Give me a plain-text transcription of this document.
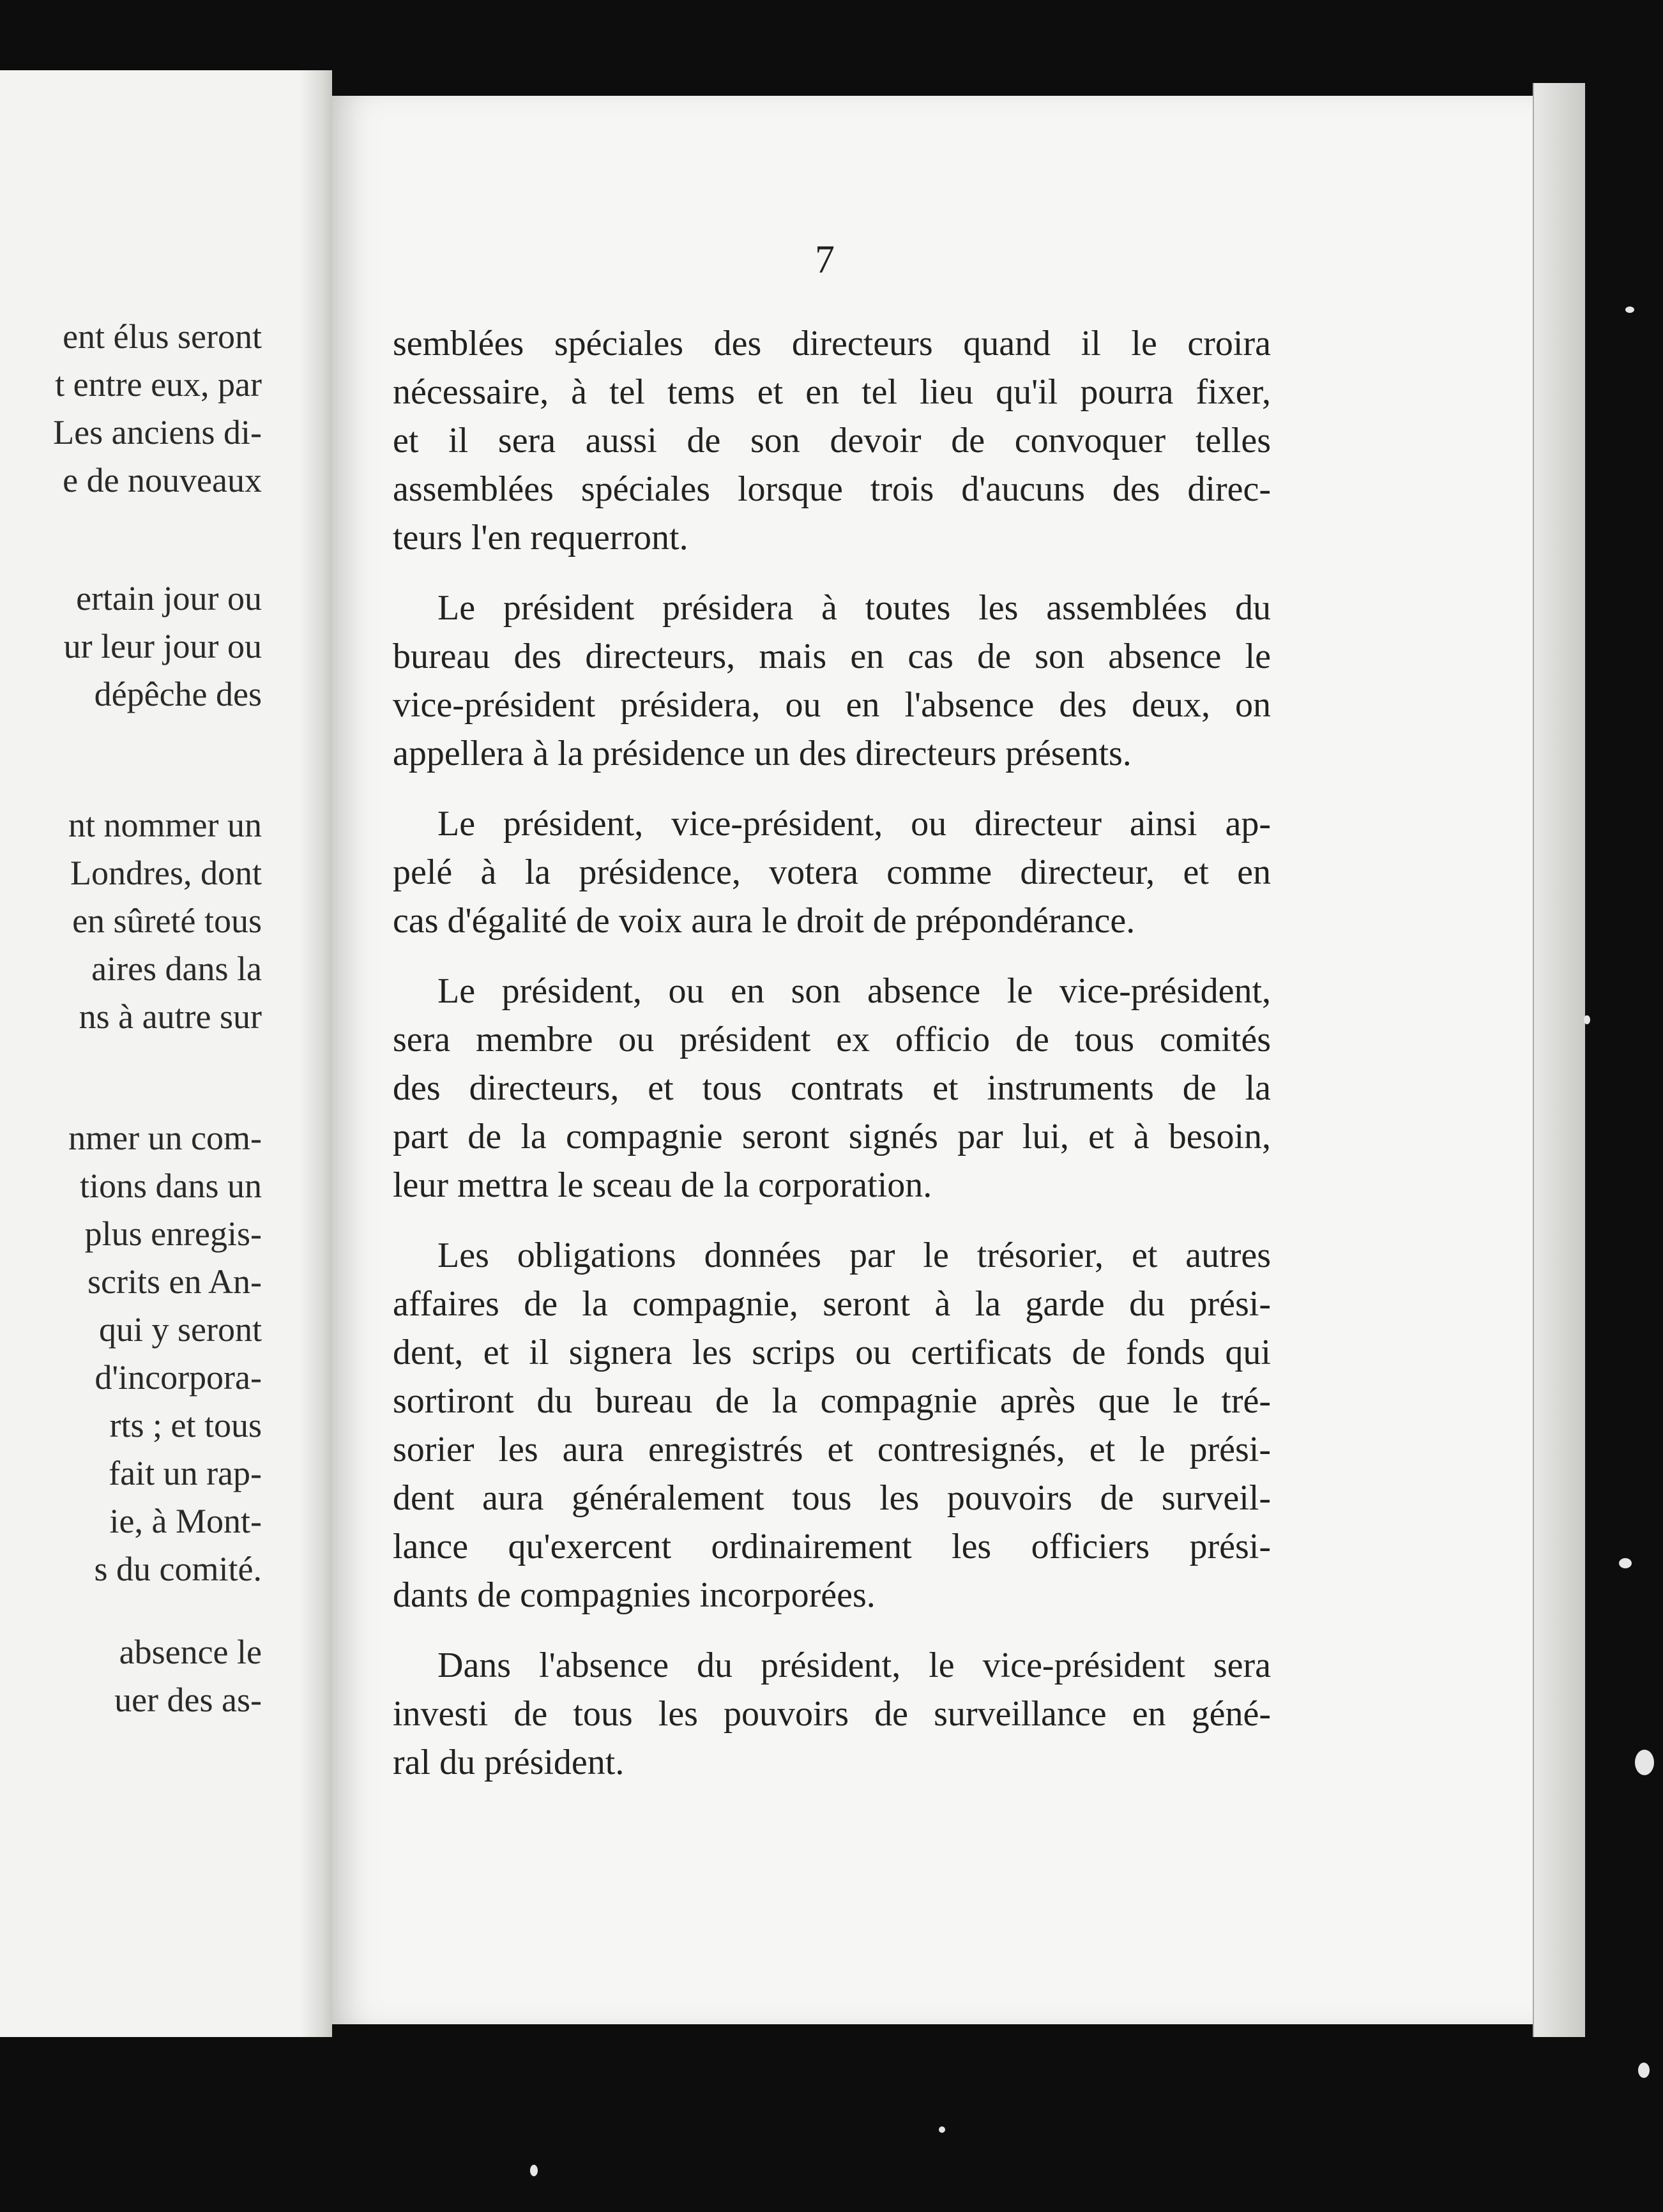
ent élus seront
t entre eux, par
Les anciens di-
e de nouveaux
ertain jour ou
ur leur jour ou
dépêche des
nt nommer un
Londres, dont
en sûreté tous
aires dans la
ns à autre sur
nmer un com-
tions dans un
plus enregis-
scrits en An-
qui y seront
d'incorpora-
rts ; et tous
fait un rap-
ie, à Mont-
s du comité.
absence le
uer des as-
7
semblées spéciales des directeurs quand il le croira
nécessaire, à tel tems et en tel lieu qu'il pourra fixer,
et il sera aussi de son devoir de convoquer telles
assemblées spéciales lorsque trois d'aucuns des direc-
teurs l'en requerront.
Le président présidera à toutes les assemblées du
bureau des directeurs, mais en cas de son absence le
vice-président présidera, ou en l'absence des deux, on
appellera à la présidence un des directeurs présents.
Le président, vice-président, ou directeur ainsi ap-
pelé à la présidence, votera comme directeur, et en
cas d'égalité de voix aura le droit de prépondérance.
Le président, ou en son absence le vice-président,
sera membre ou président ex officio de tous comités
des directeurs, et tous contrats et instruments de la
part de la compagnie seront signés par lui, et à besoin,
leur mettra le sceau de la corporation.
Les obligations données par le trésorier, et autres
affaires de la compagnie, seront à la garde du prési-
dent, et il signera les scrips ou certificats de fonds qui
sortiront du bureau de la compagnie après que le tré-
sorier les aura enregistrés et contresignés, et le prési-
dent aura généralement tous les pouvoirs de surveil-
lance qu'exercent ordinairement les officiers prési-
dants de compagnies incorporées.
Dans l'absence du président, le vice-président sera
investi de tous les pouvoirs de surveillance en géné-
ral du président.
